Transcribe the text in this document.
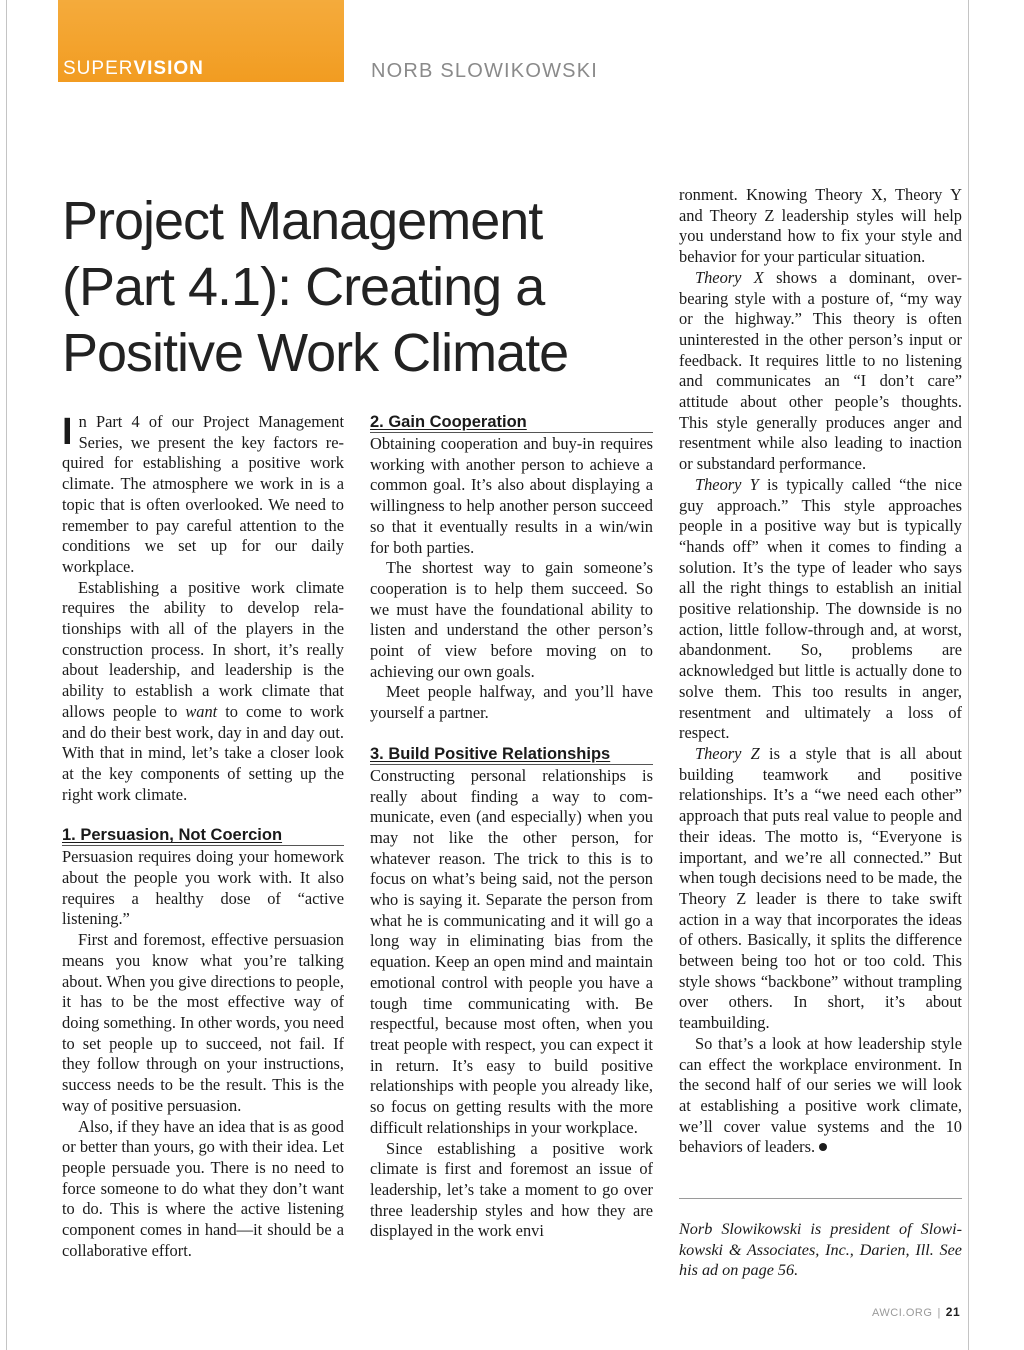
SUPERVISION	NORB SLOWIKOWSKI
Project Management (Part 4.1): Creating a Positive Work Climate

In Part 4 of our Project Management Series, we present the key factors required for establishing a positive work climate. The atmosphere we work in is a topic that is often overlooked. We need to remember to pay careful attention to the conditions we set up for our daily workplace.

Establishing a positive work climate requires the ability to develop relationships with all of the players in the construction process. In short, it’s really about leadership, and leadership is the ability to establish a work climate that allows people to want to come to work and do their best work, day in and day out. With that in mind, let’s take a closer look at the key components of setting up the right work climate.

1. Persuasion, Not Coercion

Persuasion requires doing your homework about the people you work with. It also requires a healthy dose of “active listening.”

First and foremost, effective persuasion means you know what you’re talking about. When you give directions to people, it has to be the most effective way of doing something. In other words, you need to set people up to succeed, not fail. If they follow through on your instructions, success needs to be the result. This is the way of positive persuasion.

Also, if they have an idea that is as good or better than yours, go with their idea. Let people persuade you. There is no need to force someone to do what they don’t want to do. This is where the active listening component comes in hand—it should be a collaborative effort.

2. Gain Cooperation

Obtaining cooperation and buy-in requires working with another person to achieve a common goal. It’s also about displaying a willingness to help another person succeed so that it eventually results in a win/win for both parties.

The shortest way to gain someone’s cooperation is to help them succeed. So we must have the foundational ability to listen and understand the other person’s point of view before moving on to achieving our own goals.

Meet people halfway, and you’ll have yourself a partner.

3. Build Positive Relationships

Constructing personal relationships is really about finding a way to communicate, even (and especially) when you may not like the other person, for whatever reason. The trick to this is to focus on what’s being said, not the person who is saying it. Separate the person from what he is communicating and it will go a long way in eliminating bias from the equation. Keep an open mind and maintain emotional control with people you have a tough time communicating with. Be respectful, because most often, when you treat people with respect, you can expect it in return. It’s easy to build positive relationships with people you already like, so focus on getting results with the more difficult relationships in your workplace.

Since establishing a positive work climate is first and foremost an issue of leadership, let’s take a moment to go over three leadership styles and how they are displayed in the work envi

ronment. Knowing Theory X, Theory Y and Theory Z leadership styles will help you understand how to fix your style and behavior for your particular situation.

Theory X shows a dominant, overbearing style with a posture of, “my way or the highway.” This theory is often uninterested in the other person’s input or feedback. It requires little to no listening and communicates an “I don’t care” attitude about other people’s thoughts. This style generally produces anger and resentment while also leading to inaction or substandard performance.

Theory Y is typically called “the nice guy approach.” This style approaches people in a positive way but is typically “hands off” when it comes to finding a solution. It’s the type of leader who says all the right things to establish an initial positive relationship. The downside is no action, little follow-through and, at worst, abandonment. So, problems are acknowledged but little is actually done to solve them. This too results in anger, resentment and ultimately a loss of respect.

Theory Z is a style that is all about building teamwork and positive relationships. It’s a “we need each other” approach that puts real value to people and their ideas. The motto is, “Everyone is important, and we’re all connected.” But when tough decisions need to be made, the Theory Z leader is there to take swift action in a way that incorporates the ideas of others. Basically, it splits the difference between being too hot or too cold. This style shows “backbone” without trampling over others. In short, it’s about teambuilding.

So that’s a look at how leadership style can effect the workplace environment. In the second half of our series we will look at establishing a positive work climate, we’ll cover value systems and the 10 behaviors of leaders.

Norb Slowikowski is president of Slowikowski & Associates, Inc., Darien, Ill. See his ad on page 56.

AWCI.ORG | 21
